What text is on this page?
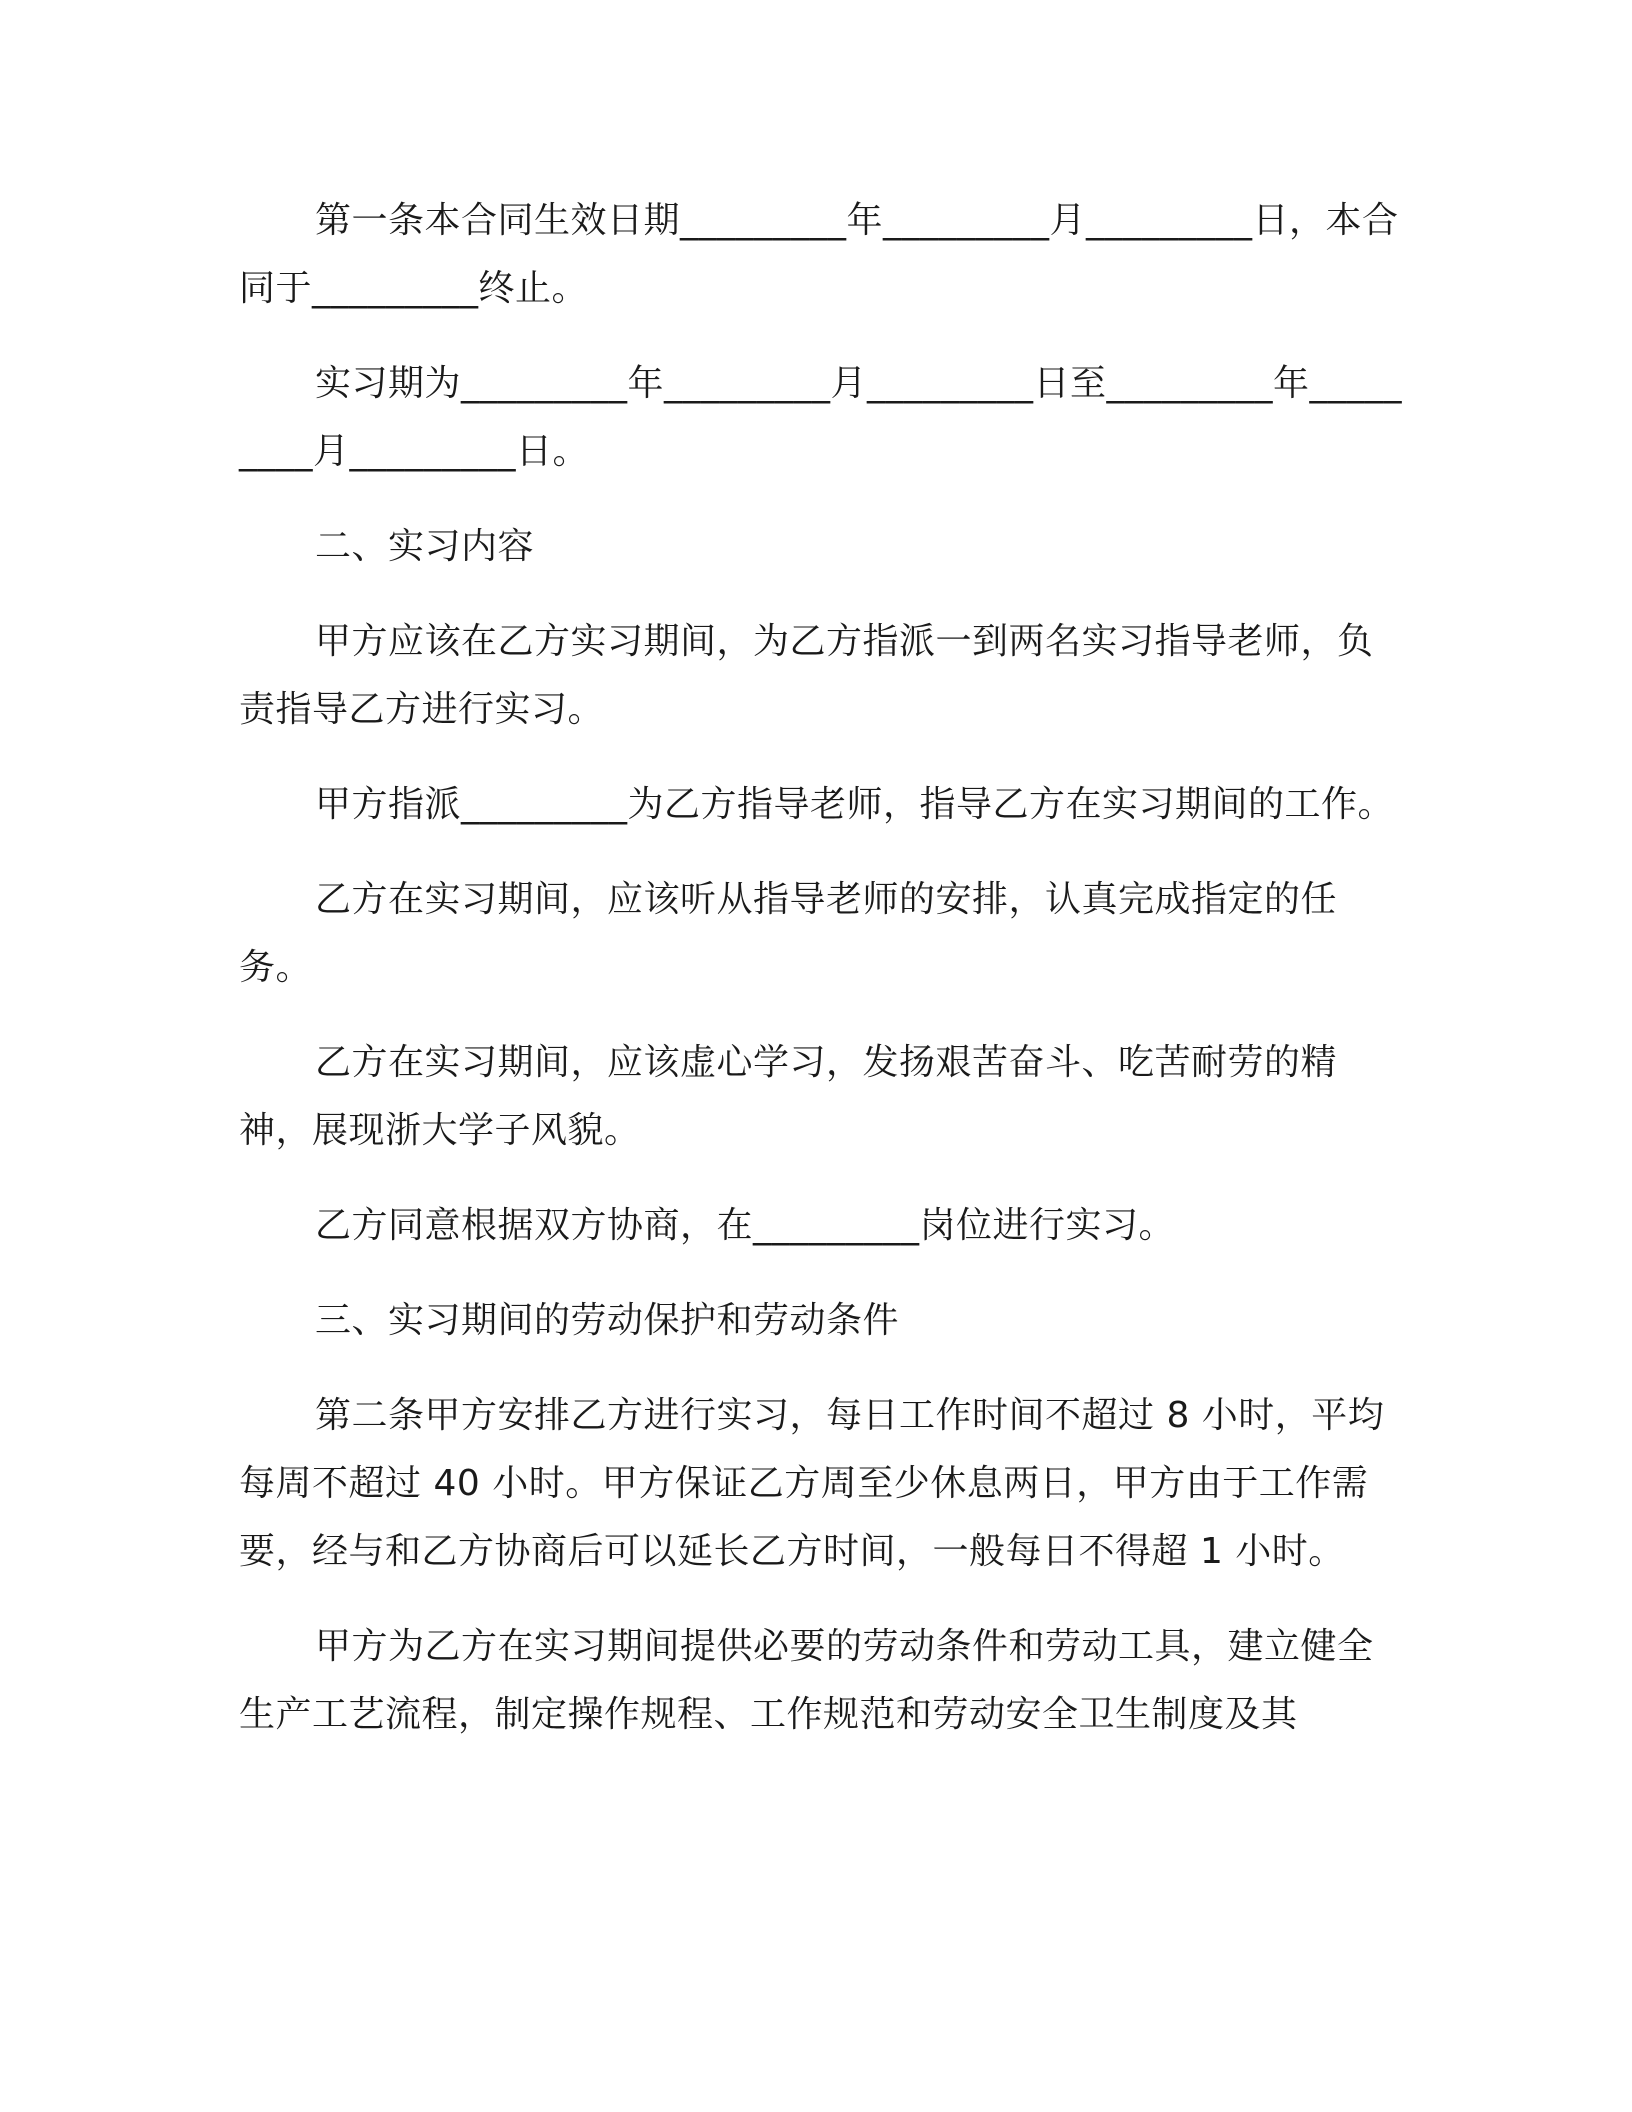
第一条本合同生效日期_________年_________月_________日，本合同于_________终止。

实习期为_________年_________月_________日至_________年_________月_________日。

二、实习内容

甲方应该在乙方实习期间，为乙方指派一到两名实习指导老师，负责指导乙方进行实习。

甲方指派_________为乙方指导老师，指导乙方在实习期间的工作。

乙方在实习期间，应该听从指导老师的安排，认真完成指定的任务。

乙方在实习期间，应该虚心学习，发扬艰苦奋斗、吃苦耐劳的精神，展现浙大学子风貌。

乙方同意根据双方协商，在_________岗位进行实习。

三、实习期间的劳动保护和劳动条件

第二条甲方安排乙方进行实习，每日工作时间不超过 8 小时，平均每周不超过 40 小时。甲方保证乙方周至少休息两日，甲方由于工作需要，经与和乙方协商后可以延长乙方时间，一般每日不得超 1 小时。

甲方为乙方在实习期间提供必要的劳动条件和劳动工具，建立健全生产工艺流程，制定操作规程、工作规范和劳动安全卫生制度及其
